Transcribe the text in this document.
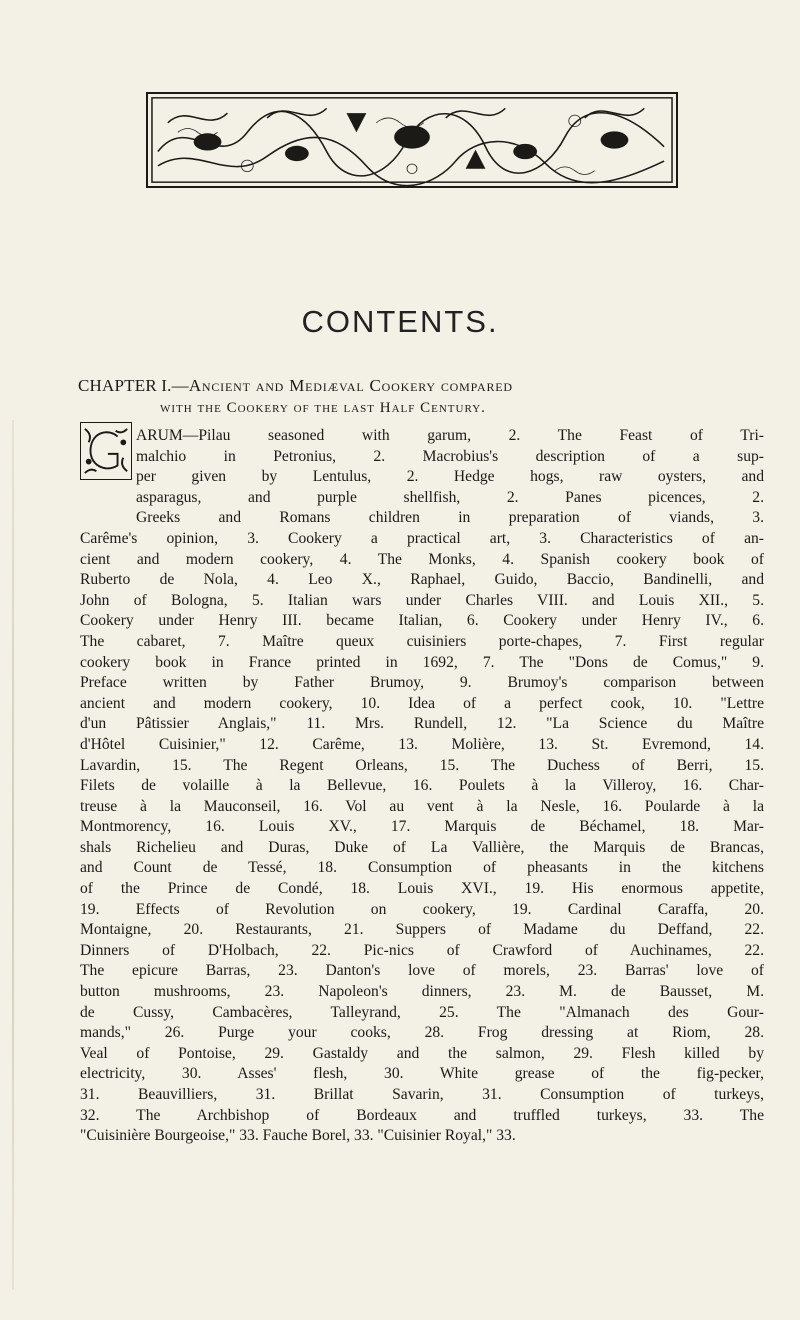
CONTENTS.
CHAPTER I.—Ancient and Mediæval Cookery compared
with the Cookery of the last Half Century.
ARUM—Pilau seasoned with garum, 2. The Feast of Tri-
malchio in Petronius, 2. Macrobius's description of a sup-
per given by Lentulus, 2. Hedge hogs, raw oysters, and
asparagus, and purple shellfish, 2. Panes picences, 2.
Greeks and Romans children in preparation of viands, 3.
Carême's opinion, 3. Cookery a practical art, 3. Characteristics of an-
cient and modern cookery, 4. The Monks, 4. Spanish cookery book of
Ruberto de Nola, 4. Leo X., Raphael, Guido, Baccio, Bandinelli, and
John of Bologna, 5. Italian wars under Charles VIII. and Louis XII., 5.
Cookery under Henry III. became Italian, 6. Cookery under Henry IV., 6.
The cabaret, 7. Maître queux cuisiniers porte-chapes, 7. First regular
cookery book in France printed in 1692, 7. The "Dons de Comus," 9.
Preface written by Father Brumoy, 9. Brumoy's comparison between
ancient and modern cookery, 10. Idea of a perfect cook, 10. "Lettre
d'un Pâtissier Anglais," 11. Mrs. Rundell, 12. "La Science du Maître
d'Hôtel Cuisinier," 12. Carême, 13. Molière, 13. St. Evremond, 14.
Lavardin, 15. The Regent Orleans, 15. The Duchess of Berri, 15.
Filets de volaille à la Bellevue, 16. Poulets à la Villeroy, 16. Char-
treuse à la Mauconseil, 16. Vol au vent à la Nesle, 16. Poularde à la
Montmorency, 16. Louis XV., 17. Marquis de Béchamel, 18. Mar-
shals Richelieu and Duras, Duke of La Vallière, the Marquis de Brancas,
and Count de Tessé, 18. Consumption of pheasants in the kitchens
of the Prince de Condé, 18. Louis XVI., 19. His enormous appetite,
19. Effects of Revolution on cookery, 19. Cardinal Caraffa, 20.
Montaigne, 20. Restaurants, 21. Suppers of Madame du Deffand, 22.
Dinners of D'Holbach, 22. Pic-nics of Crawford of Auchinames, 22.
The epicure Barras, 23. Danton's love of morels, 23. Barras' love of
button mushrooms, 23. Napoleon's dinners, 23. M. de Bausset, M.
de Cussy, Cambacères, Talleyrand, 25. The "Almanach des Gour-
mands," 26. Purge your cooks, 28. Frog dressing at Riom, 28.
Veal of Pontoise, 29. Gastaldy and the salmon, 29. Flesh killed by
electricity, 30. Asses' flesh, 30. White grease of the fig-pecker,
31. Beauvilliers, 31. Brillat Savarin, 31. Consumption of turkeys,
32. The Archbishop of Bordeaux and truffled turkeys, 33. The
"Cuisinière Bourgeoise," 33. Fauche Borel, 33. "Cuisinier Royal," 33.
